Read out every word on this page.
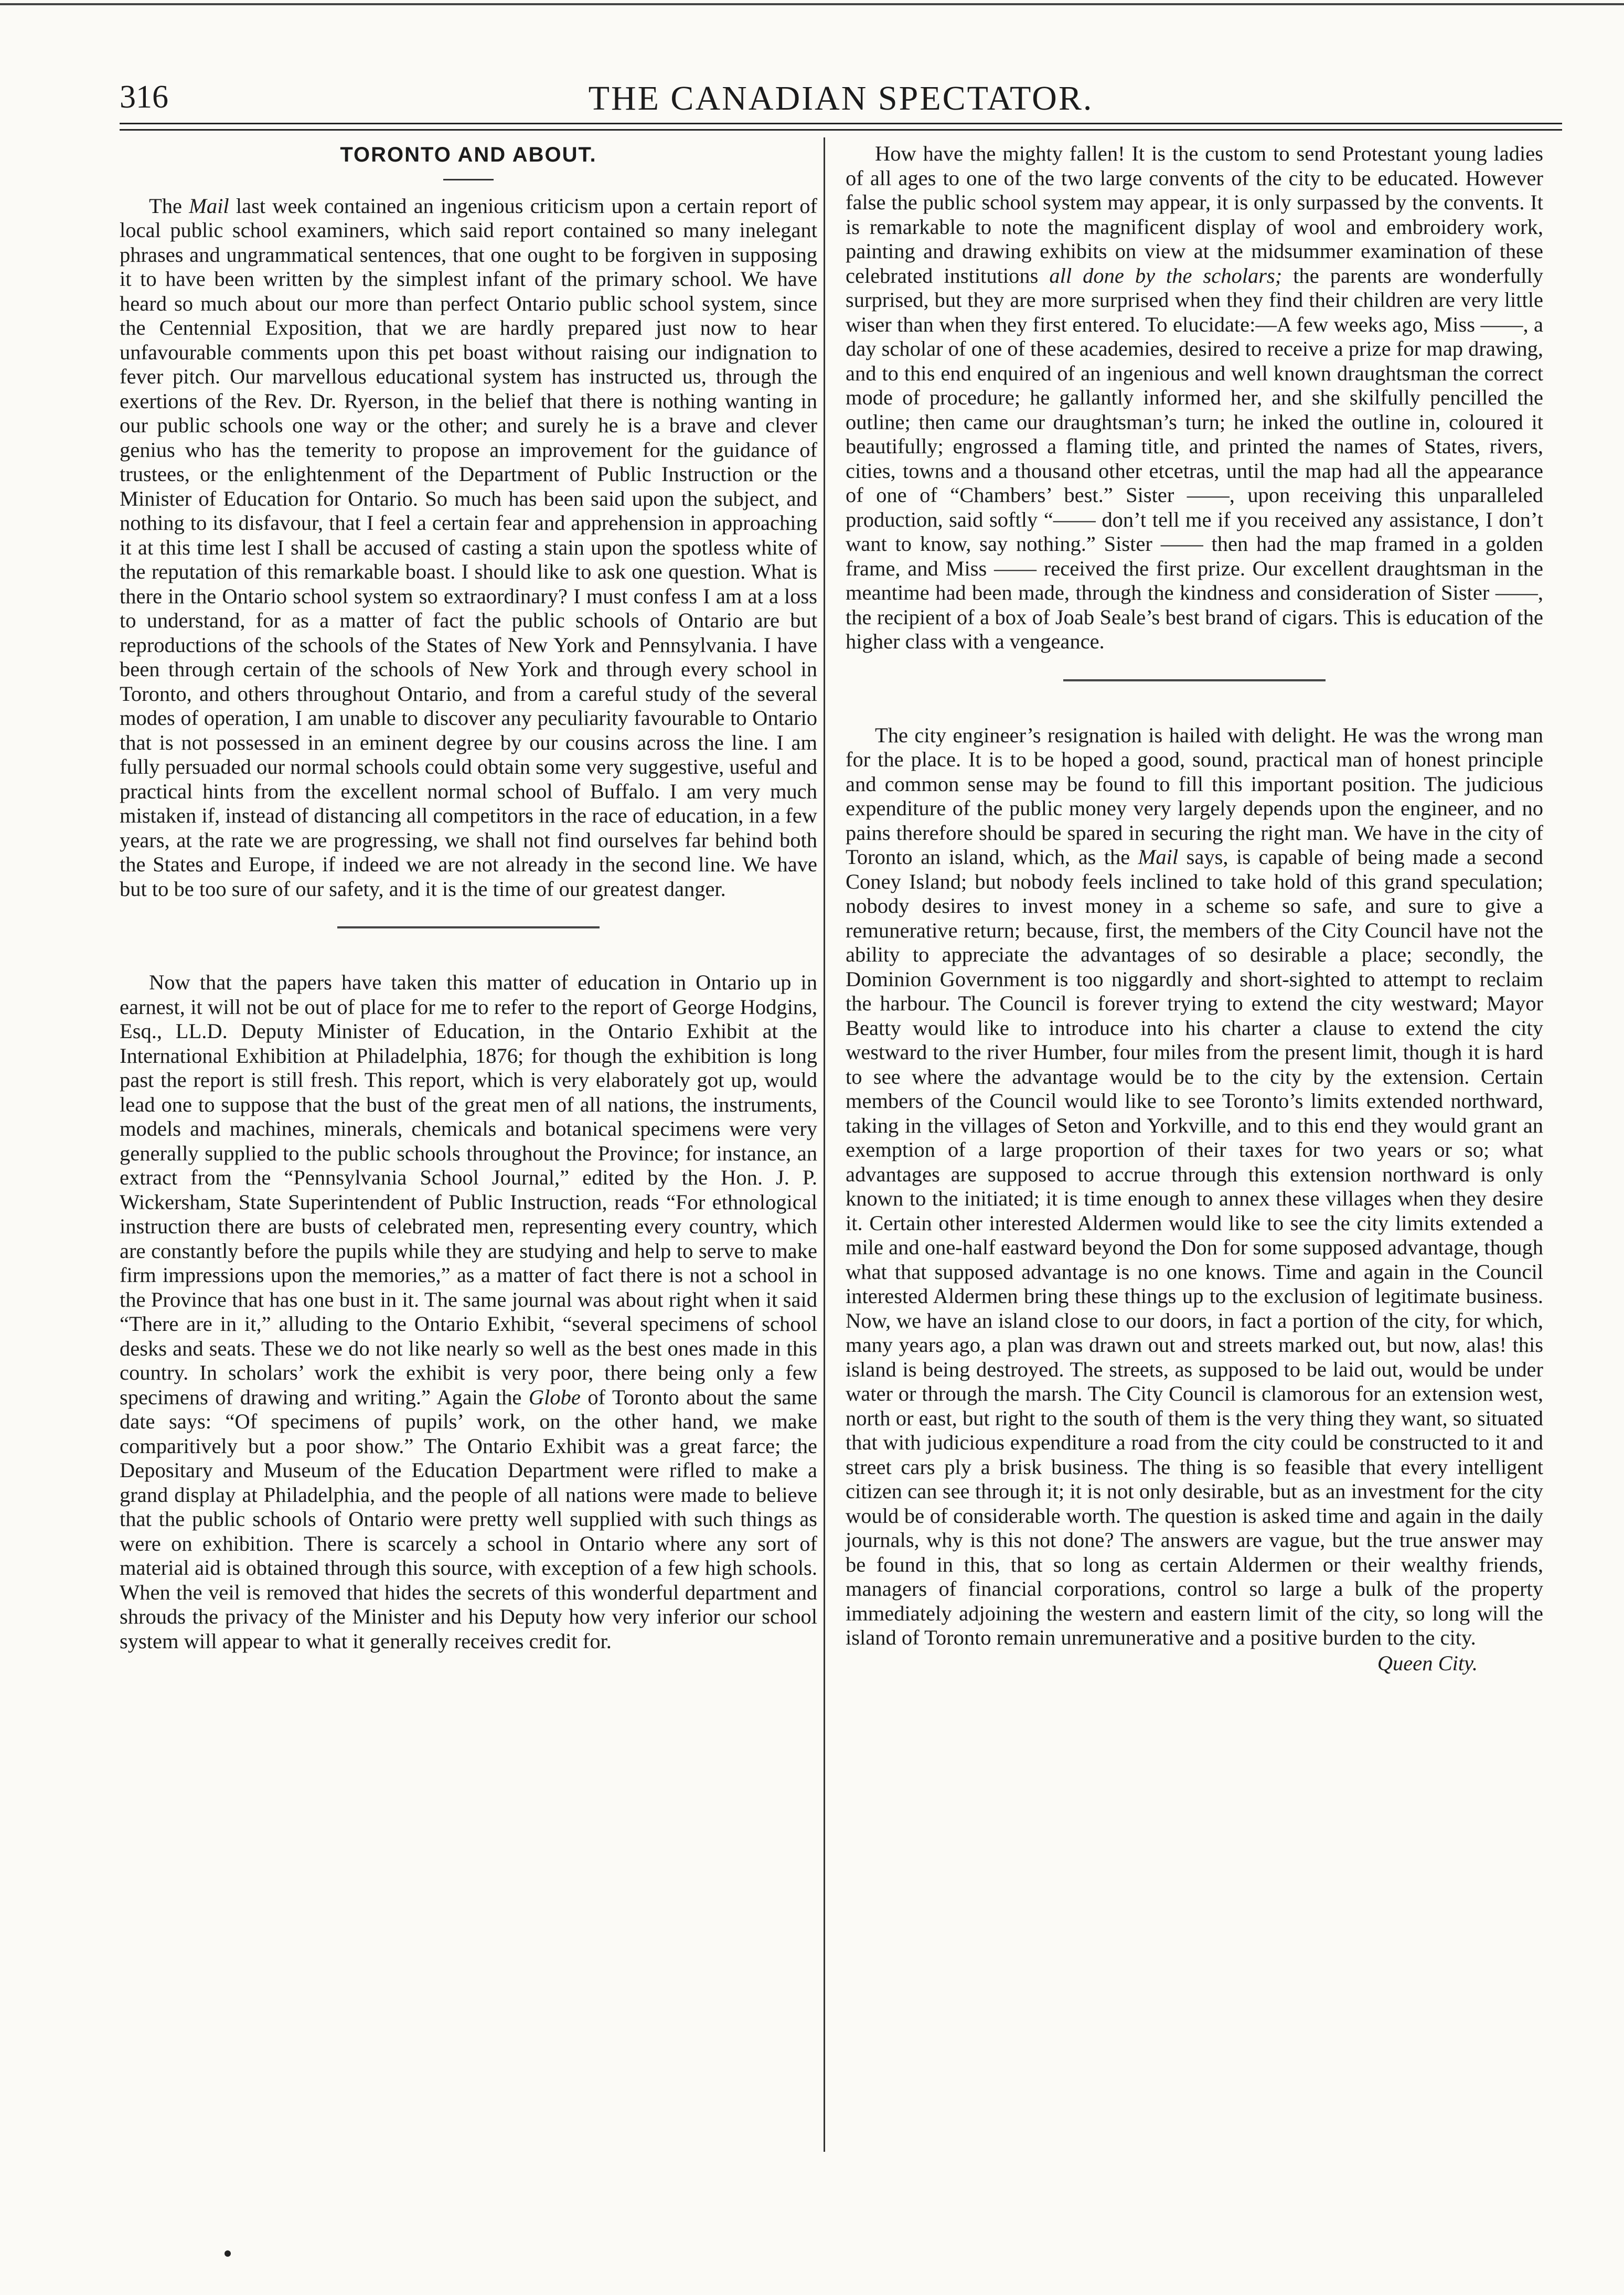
316	THE CANADIAN SPECTATOR.
TORONTO AND ABOUT.

The Mail last week contained an ingenious criticism upon a certain report of local public school examiners, which said report contained so many inelegant phrases and ungrammatical sentences, that one ought to be forgiven in supposing it to have been written by the simplest infant of the primary school. We have heard so much about our more than perfect Ontario public school system, since the Centennial Exposition, that we are hardly prepared just now to hear unfavourable comments upon this pet boast without raising our indignation to fever pitch. Our marvellous educational system has instructed us, through the exertions of the Rev. Dr. Ryerson, in the belief that there is nothing wanting in our public schools one way or the other; and surely he is a brave and clever genius who has the temerity to propose an improvement for the guidance of trustees, or the enlightenment of the Department of Public Instruction or the Minister of Education for Ontario. So much has been said upon the subject, and nothing to its disfavour, that I feel a certain fear and apprehension in approaching it at this time lest I shall be accused of casting a stain upon the spotless white of the reputation of this remarkable boast. I should like to ask one question. What is there in the Ontario school system so extraordinary? I must confess I am at a loss to understand, for as a matter of fact the public schools of Ontario are but reproductions of the schools of the States of New York and Pennsylvania. I have been through certain of the schools of New York and through every school in Toronto, and others throughout Ontario, and from a careful study of the several modes of operation, I am unable to discover any peculiarity favourable to Ontario that is not possessed in an eminent degree by our cousins across the line. I am fully persuaded our normal schools could obtain some very suggestive, useful and practical hints from the excellent normal school of Buffalo. I am very much mistaken if, instead of distancing all competitors in the race of education, in a few years, at the rate we are progressing, we shall not find ourselves far behind both the States and Europe, if indeed we are not already in the second line. We have but to be too sure of our safety, and it is the time of our greatest danger.

Now that the papers have taken this matter of education in Ontario up in earnest, it will not be out of place for me to refer to the report of George Hodgins, Esq., LL.D. Deputy Minister of Education, in the Ontario Exhibit at the International Exhibition at Philadelphia, 1876; for though the exhibition is long past the report is still fresh. This report, which is very elaborately got up, would lead one to suppose that the bust of the great men of all nations, the instruments, models and machines, minerals, chemicals and botanical specimens were very generally supplied to the public schools throughout the Province; for instance, an extract from the “Pennsylvania School Journal,” edited by the Hon. J. P. Wickersham, State Superintendent of Public Instruction, reads “For ethnological instruction there are busts of celebrated men, representing every country, which are constantly before the pupils while they are studying and help to serve to make firm impressions upon the memories,” as a matter of fact there is not a school in the Province that has one bust in it. The same journal was about right when it said “There are in it,” alluding to the Ontario Exhibit, “several specimens of school desks and seats. These we do not like nearly so well as the best ones made in this country. In scholars’ work the exhibit is very poor, there being only a few specimens of drawing and writing.” Again the Globe of Toronto about the same date says: “Of specimens of pupils’ work, on the other hand, we make comparitively but a poor show.” The Ontario Exhibit was a great farce; the Depositary and Museum of the Education Department were rifled to make a grand display at Philadelphia, and the people of all nations were made to believe that the public schools of Ontario were pretty well supplied with such things as were on exhibition. There is scarcely a school in Ontario where any sort of material aid is obtained through this source, with exception of a few high schools. When the veil is removed that hides the secrets of this wonderful department and shrouds the privacy of the Minister and his Deputy how very inferior our school system will appear to what it generally receives credit for.

How have the mighty fallen! It is the custom to send Protestant young ladies of all ages to one of the two large convents of the city to be educated. However false the public school system may appear, it is only surpassed by the convents. It is remarkable to note the magnificent display of wool and embroidery work, painting and drawing exhibits on view at the midsummer examination of these celebrated institutions all done by the scholars; the parents are wonderfully surprised, but they are more surprised when they find their children are very little wiser than when they first entered. To elucidate:—A few weeks ago, Miss ——, a day scholar of one of these academies, desired to receive a prize for map drawing, and to this end enquired of an ingenious and well known draughtsman the correct mode of procedure; he gallantly informed her, and she skilfully pencilled the outline; then came our draughtsman’s turn; he inked the outline in, coloured it beautifully; engrossed a flaming title, and printed the names of States, rivers, cities, towns and a thousand other etcetras, until the map had all the appearance of one of “Chambers’ best.” Sister ——, upon receiving this unparalleled production, said softly “—— don’t tell me if you received any assistance, I don’t want to know, say nothing.” Sister —— then had the map framed in a golden frame, and Miss —— received the first prize. Our excellent draughtsman in the meantime had been made, through the kindness and consideration of Sister ——, the recipient of a box of Joab Seale’s best brand of cigars. This is education of the higher class with a vengeance.

The city engineer’s resignation is hailed with delight. He was the wrong man for the place. It is to be hoped a good, sound, practical man of honest principle and common sense may be found to fill this important position. The judicious expenditure of the public money very largely depends upon the engineer, and no pains therefore should be spared in securing the right man. We have in the city of Toronto an island, which, as the Mail says, is capable of being made a second Coney Island; but nobody feels inclined to take hold of this grand speculation; nobody desires to invest money in a scheme so safe, and sure to give a remunerative return; because, first, the members of the City Council have not the ability to appreciate the advantages of so desirable a place; secondly, the Dominion Government is too niggardly and short-sighted to attempt to reclaim the harbour. The Council is forever trying to extend the city westward; Mayor Beatty would like to introduce into his charter a clause to extend the city westward to the river Humber, four miles from the present limit, though it is hard to see where the advantage would be to the city by the extension. Certain members of the Council would like to see Toronto’s limits extended northward, taking in the villages of Seton and Yorkville, and to this end they would grant an exemption of a large proportion of their taxes for two years or so; what advantages are supposed to accrue through this extension northward is only known to the initiated; it is time enough to annex these villages when they desire it. Certain other interested Aldermen would like to see the city limits extended a mile and one-half eastward beyond the Don for some supposed advantage, though what that supposed advantage is no one knows. Time and again in the Council interested Aldermen bring these things up to the exclusion of legitimate business. Now, we have an island close to our doors, in fact a portion of the city, for which, many years ago, a plan was drawn out and streets marked out, but now, alas! this island is being destroyed. The streets, as supposed to be laid out, would be under water or through the marsh. The City Council is clamorous for an extension west, north or east, but right to the south of them is the very thing they want, so situated that with judicious expenditure a road from the city could be constructed to it and street cars ply a brisk business. The thing is so feasible that every intelligent citizen can see through it; it is not only desirable, but as an investment for the city would be of considerable worth. The question is asked time and again in the daily journals, why is this not done? The answers are vague, but the true answer may be found in this, that so long as certain Aldermen or their wealthy friends, managers of financial corporations, control so large a bulk of the property immediately adjoining the western and eastern limit of the city, so long will the island of Toronto remain unremunerative and a positive burden to the city.

Queen City.
